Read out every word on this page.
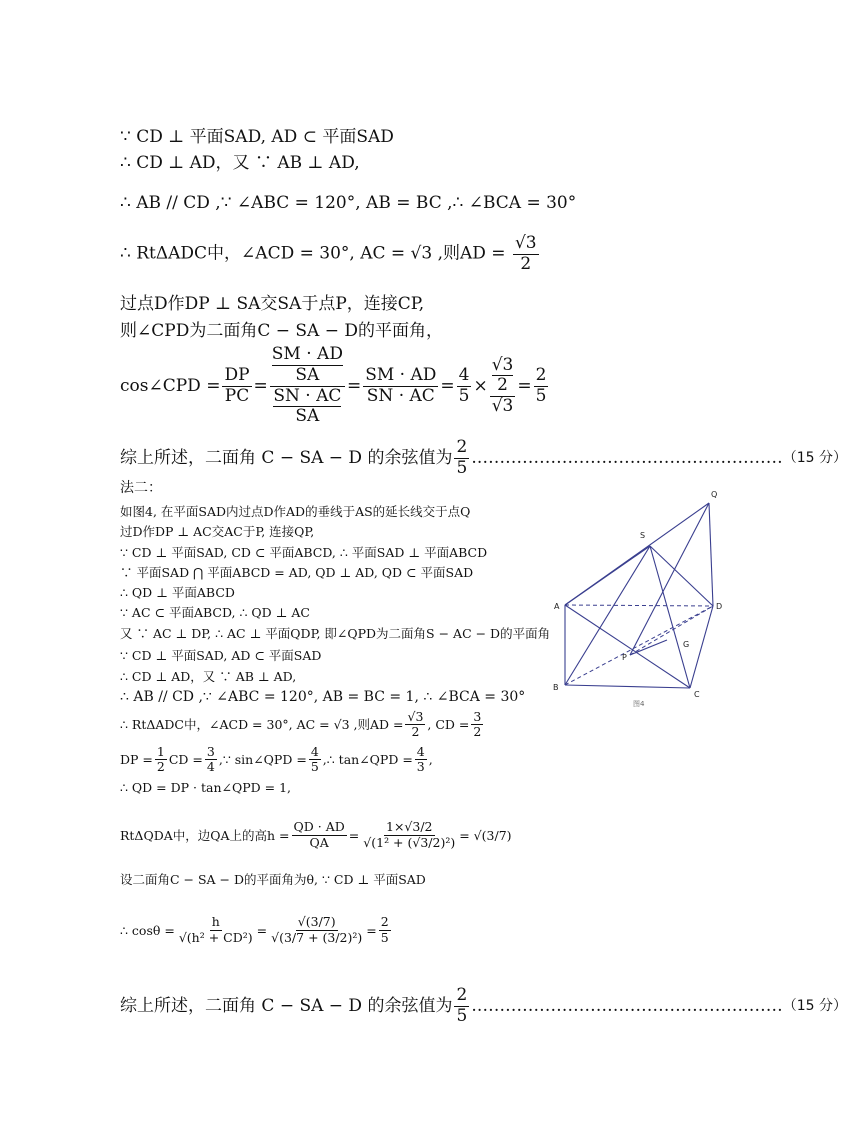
∵ CD ⊥ 平面SAD, AD ⊂ 平面SAD
∴ CD ⊥ AD，又 ∵ AB ⊥ AD,
∴ AB // CD ,∵ ∠ABC = 120°, AB = BC ,∴ ∠BCA = 30°
∴ RtΔADC中，∠ACD = 30°, AC = √3 ,则AD = $\frac{√3}{2}$
过点D作DP ⊥ SA交SA于点P，连接CP,
则∠CPD为二面角C − SA − D的平面角，
cos∠CPD = $\frac{DP}{PC}$ = SM · AD
SA
SN · AC
SA = $\frac{SM \cdot AD}{SN \cdot AC} = \frac{4}{5} \times √3$
2
$√3 = \frac{2}{5}$
综上所述，二面角 C − SA − D 的余弦值为 $\frac{2}{5}$ .……………………………………………… （15 分）
法二：
如图4, 在平面SAD内过点D作AD的垂线于AS的延长线交于点Q
过D作DP ⊥ AC交AC于P, 连接QP,
∵ CD ⊥ 平面SAD, CD ⊂ 平面ABCD, ∴ 平面SAD ⊥ 平面ABCD
∵ 平面SAD ⋂ 平面ABCD = AD, QD ⊥ AD, QD ⊂ 平面SAD
∴ QD ⊥ 平面ABCD
∵ AC ⊂ 平面ABCD, ∴ QD ⊥ AC
又 ∵ AC ⊥ DP, ∴ AC ⊥ 平面QDP, 即∠QPD为二面角S − AC − D的平面角
∵ CD ⊥ 平面SAD, AD ⊂ 平面SAD
∴ CD ⊥ AD，又 ∵ AB ⊥ AD,
∴ AB // CD ,∵ ∠ABC = 120°, AB = BC = 1, ∴ ∠BCA = 30°
∴ RtΔADC中，∠ACD = 30°, AC = √3 ,则AD = $\frac{√3}{2}$ , CD = $\frac{3}{2}$
DP = $\frac{1}{2}$ CD = $\frac{3}{4}$ ,∵ sin∠QPD = $\frac{4}{5}$ ,∴ tan∠QPD = $\frac{4}{3}$ ,
∴ QD = DP · tan∠QPD = 1,
RtΔQDA中，边QA上的高$h = \frac{QD \cdot AD}{QA} = \frac{1\times√3/2}{\text{√(1² + (√3/2)²)}} = √(3/7)$
设二面角C − SA − D的平面角为θ, ∵ CD ⊥ 平面SAD
∴ $\cos\theta = \frac{h}{\text{√(h² + CD²)}} = \frac{√(3/7)}{\text{√(3/7 + (3/2)²)}} = \frac{2}{5}$
综上所述，二面角 C − SA − D 的余弦值为 $\frac{2}{5}$ .……………………………………………… （15 分）
Q
S
A	D
P
G
B
C
图4
